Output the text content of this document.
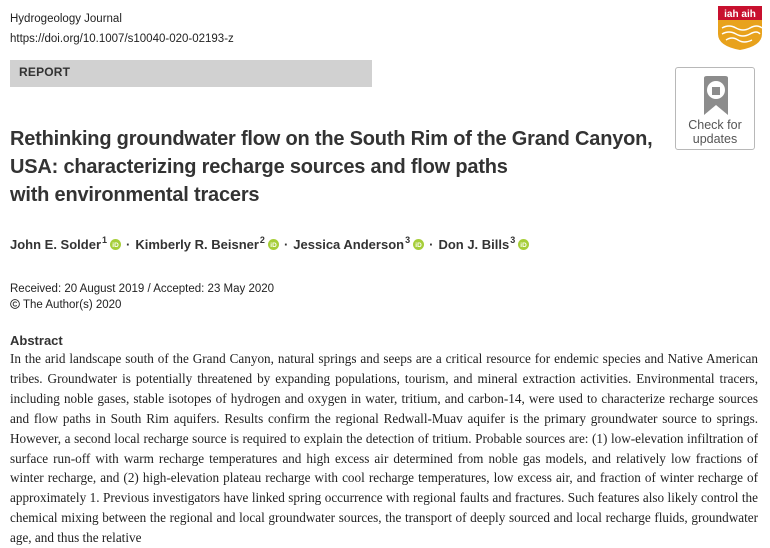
Hydrogeology Journal
https://doi.org/10.1007/s10040-020-02193-z
iah aih
REPORT
Check for
updates
Rethinking groundwater flow on the South Rim of the Grand Canyon,
USA: characterizing recharge sources and flow paths
with environmental tracers
John E. Solder$^1$
iD · Kimberly R. Beisner$^2$
iD · Jessica Anderson$^3$
iD · Don J. Bills$^3$
iD
Received: 20 August 2019 / Accepted: 23 May 2020
The Author(s) 2020
Abstract

In the arid landscape south of the Grand Canyon, natural springs and seeps are a critical resource for endemic species and Native American tribes. Groundwater is potentially threatened by expanding populations, tourism, and mineral extraction activities. Environmental tracers, including noble gases, stable isotopes of hydrogen and oxygen in water, tritium, and carbon-14, were used to characterize recharge sources and flow paths in South Rim aquifers. Results confirm the regional Redwall-Muav aquifer is the primary groundwater source to springs. However, a second local recharge source is required to explain the detection of tritium. Probable sources are: (1) low-elevation infiltration of surface run-off with warm recharge temperatures and high excess air determined from noble gas models, and relatively low fractions of winter recharge, and (2) high-elevation plateau recharge with cool recharge temperatures, low excess air, and fraction of winter recharge of approximately 1. Previous investigators have linked spring occurrence with regional faults and fractures. Such features also likely control the chemical mixing between the regional and local groundwater sources, the transport of deeply sourced and local recharge fluids, groundwater age, and thus the relative
